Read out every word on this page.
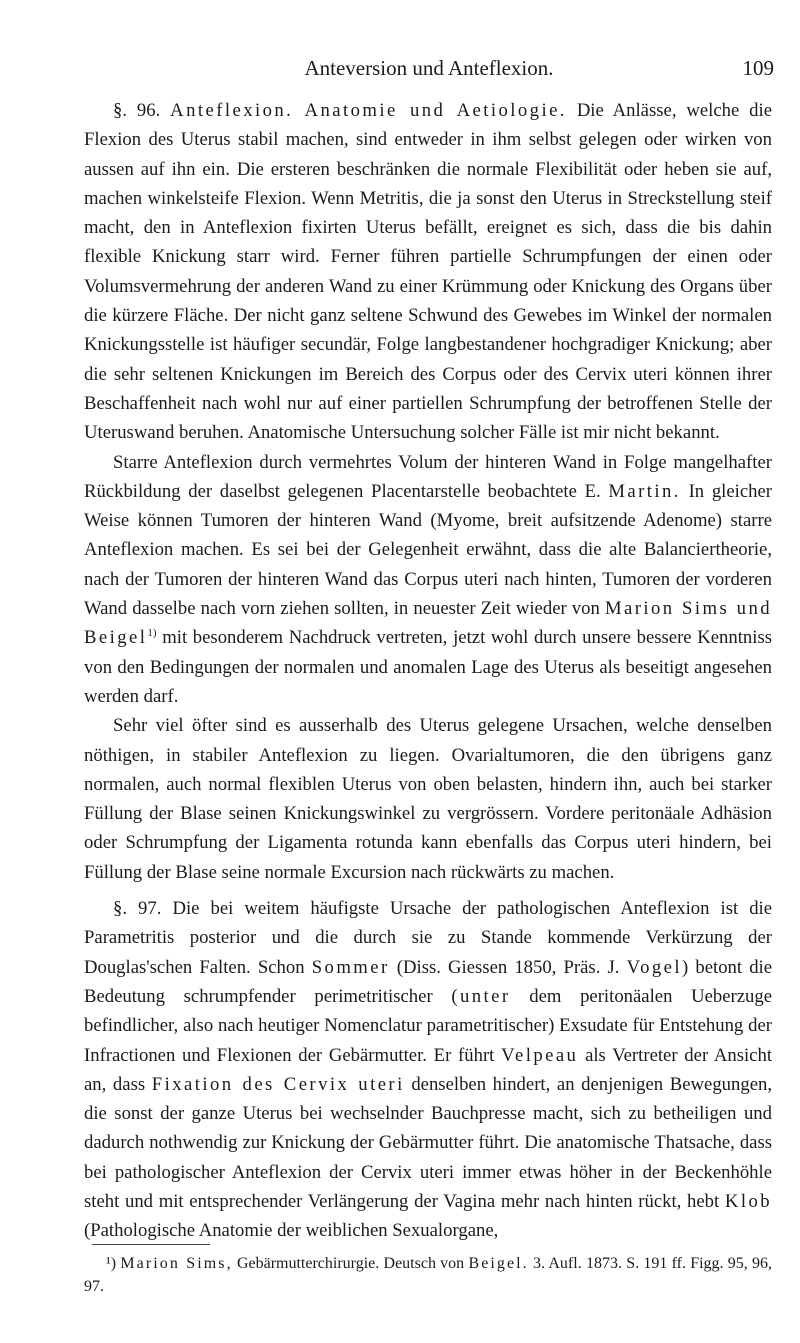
Anteversion und Anteflexion.	109

§. 96. Anteflexion. Anatomie und Aetiologie. Die Anlässe, welche die Flexion des Uterus stabil machen, sind entweder in ihm selbst gelegen oder wirken von aussen auf ihn ein. Die ersteren beschränken die normale Flexibilität oder heben sie auf, machen winkelsteife Flexion. Wenn Metritis, die ja sonst den Uterus in Streckstellung steif macht, den in Anteflexion fixirten Uterus befällt, ereignet es sich, dass die bis dahin flexible Knickung starr wird. Ferner führen partielle Schrumpfungen der einen oder Volumsvermehrung der anderen Wand zu einer Krümmung oder Knickung des Organs über die kürzere Fläche. Der nicht ganz seltene Schwund des Gewebes im Winkel der normalen Knickungsstelle ist häufiger secundär, Folge langbestandener hochgradiger Knickung; aber die sehr seltenen Knickungen im Bereich des Corpus oder des Cervix uteri können ihrer Beschaffenheit nach wohl nur auf einer partiellen Schrumpfung der betroffenen Stelle der Uteruswand beruhen. Anatomische Untersuchung solcher Fälle ist mir nicht bekannt.

Starre Anteflexion durch vermehrtes Volum der hinteren Wand in Folge mangelhafter Rückbildung der daselbst gelegenen Placentarstelle beobachtete E. Martin. In gleicher Weise können Tumoren der hinteren Wand (Myome, breit aufsitzende Adenome) starre Anteflexion machen. Es sei bei der Gelegenheit erwähnt, dass die alte Balanciertheorie, nach der Tumoren der hinteren Wand das Corpus uteri nach hinten, Tumoren der vorderen Wand dasselbe nach vorn ziehen sollten, in neuester Zeit wieder von Marion Sims und Beigel$^{1)}$ mit besonderem Nachdruck vertreten, jetzt wohl durch unsere bessere Kenntniss von den Bedingungen der normalen und anomalen Lage des Uterus als beseitigt angesehen werden darf.

Sehr viel öfter sind es ausserhalb des Uterus gelegene Ursachen, welche denselben nöthigen, in stabiler Anteflexion zu liegen. Ovarialtumoren, die den übrigens ganz normalen, auch normal flexiblen Uterus von oben belasten, hindern ihn, auch bei starker Füllung der Blase seinen Knickungswinkel zu vergrössern. Vordere peritonäale Adhäsion oder Schrumpfung der Ligamenta rotunda kann ebenfalls das Corpus uteri hindern, bei Füllung der Blase seine normale Excursion nach rückwärts zu machen.

§. 97. Die bei weitem häufigste Ursache der pathologischen Anteflexion ist die Parametritis posterior und die durch sie zu Stande kommende Verkürzung der Douglas'schen Falten. Schon Sommer (Diss. Giessen 1850, Präs. J. Vogel) betont die Bedeutung schrumpfender perimetritischer (unter dem peritonäalen Ueberzuge befindlicher, also nach heutiger Nomenclatur parametritischer) Exsudate für Entstehung der Infractionen und Flexionen der Gebärmutter. Er führt Velpeau als Vertreter der Ansicht an, dass Fixation des Cervix uteri denselben hindert, an denjenigen Bewegungen, die sonst der ganze Uterus bei wechselnder Bauchpresse macht, sich zu betheiligen und dadurch nothwendig zur Knickung der Gebärmutter führt. Die anatomische Thatsache, dass bei pathologischer Anteflexion der Cervix uteri immer etwas höher in der Beckenhöhle steht und mit entsprechender Verlängerung der Vagina mehr nach hinten rückt, hebt Klob (Pathologische Anatomie der weiblichen Sexualorgane,

¹) Marion Sims, Gebärmutterchirurgie. Deutsch von Beigel. 3. Aufl. 1873. S. 191 ff. Figg. 95, 96, 97.
